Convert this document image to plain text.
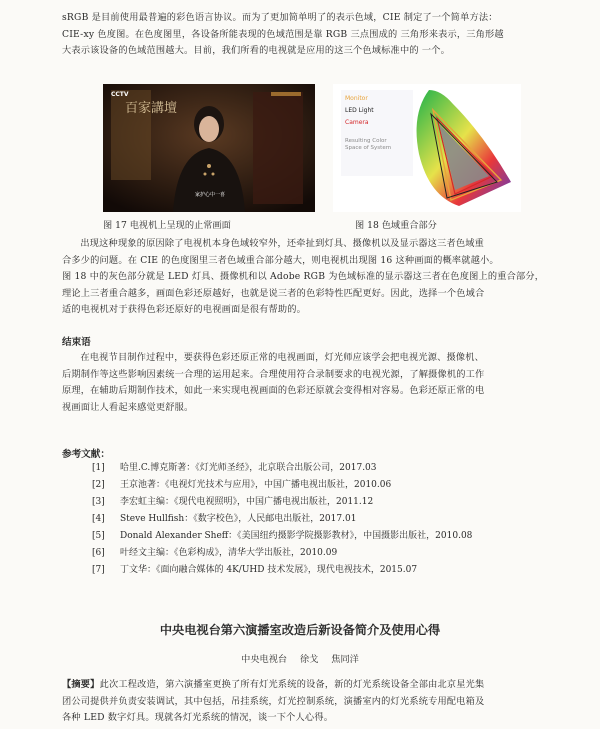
sRGB 是目前使用最普遍的彩色语言协议。而为了更加简单明了的表示色域，CIE 制定了一个简单方法：
CIE-xy 色度图。在色度图里，各设备所能表现的色域范围是靠 RGB 三点围成的 三角形来表示，三角形越
大表示该设备的色域范围越大。目前，我们所看的电视就是应用的这三个色域标准中的 一个。
百家講壇
CCTV
家护心中一喜
Monitor
LED Light
Camera
Resulting Color Space of System
图 17 电视机上呈现的止常画面	图 18 色域重合部分
出现这种现象的原因除了电视机本身色域较窄外，还牵扯到灯具、摄像机以及显示器这三者色域重
合多少的问题。在 CIE 的色度图里三者色域重合部分越大，则电视机出现图 16 这种画面的概率就越小。
图 18 中的灰色部分就是 LED 灯具、摄像机和以 Adobe RGB 为色域标准的显示器这三者在色度图上的重合部分，
理论上三者重合越多，画面色彩还原越好，也就是说三者的色彩特性匹配更好。因此，选择一个色域合
适的电视机对于获得色彩还原好的电视画面是很有帮助的。
结束语
在电视节目制作过程中，要获得色彩还原正常的电视画面，灯光师应该学会把电视光源、摄像机、
后期制作等这些影响因素统一合理的运用起来。合理使用符合录制要求的电视光源，了解摄像机的工作
原理，在辅助后期制作技术，如此一来实现电视画面的色彩还原就会变得相对容易。色彩还原正常的电
视画面让人看起来感觉更舒服。
参考文献：
[1] 哈里.C.博克斯著：《灯光师圣经》，北京联合出版公司，2017.03
[2] 王京池著：《电视灯光技术与应用》，中国广播电视出版社，2010.06
[3] 李宏虹主编：《现代电视照明》，中国广播电视出版社，2011.12
[4] Steve Hullfish：《数字校色》，人民邮电出版社，2017.01
[5] Donald Alexander Sheff：《美国纽约摄影学院摄影教材》，中国摄影出版社，2010.08
[6] 叶经文主编：《色彩构成》，清华大学出版社，2010.09
[7] 丁文华：《面向融合媒体的 4K/UHD 技术发展》，现代电视技术，2015.07
中央电视台第六演播室改造后新设备简介及使用心得
中央电视台 徐戈 焦同洋
【摘要】此次工程改造，第六演播室更换了所有灯光系统的设备，新的灯光系统设备全部由北京星光集
团公司提供并负责安装调试，其中包括，吊挂系统，灯光控制系统，演播室内的灯光系统专用配电箱及
各种 LED 数字灯具。现就各灯光系统的情况，谈一下个人心得。
